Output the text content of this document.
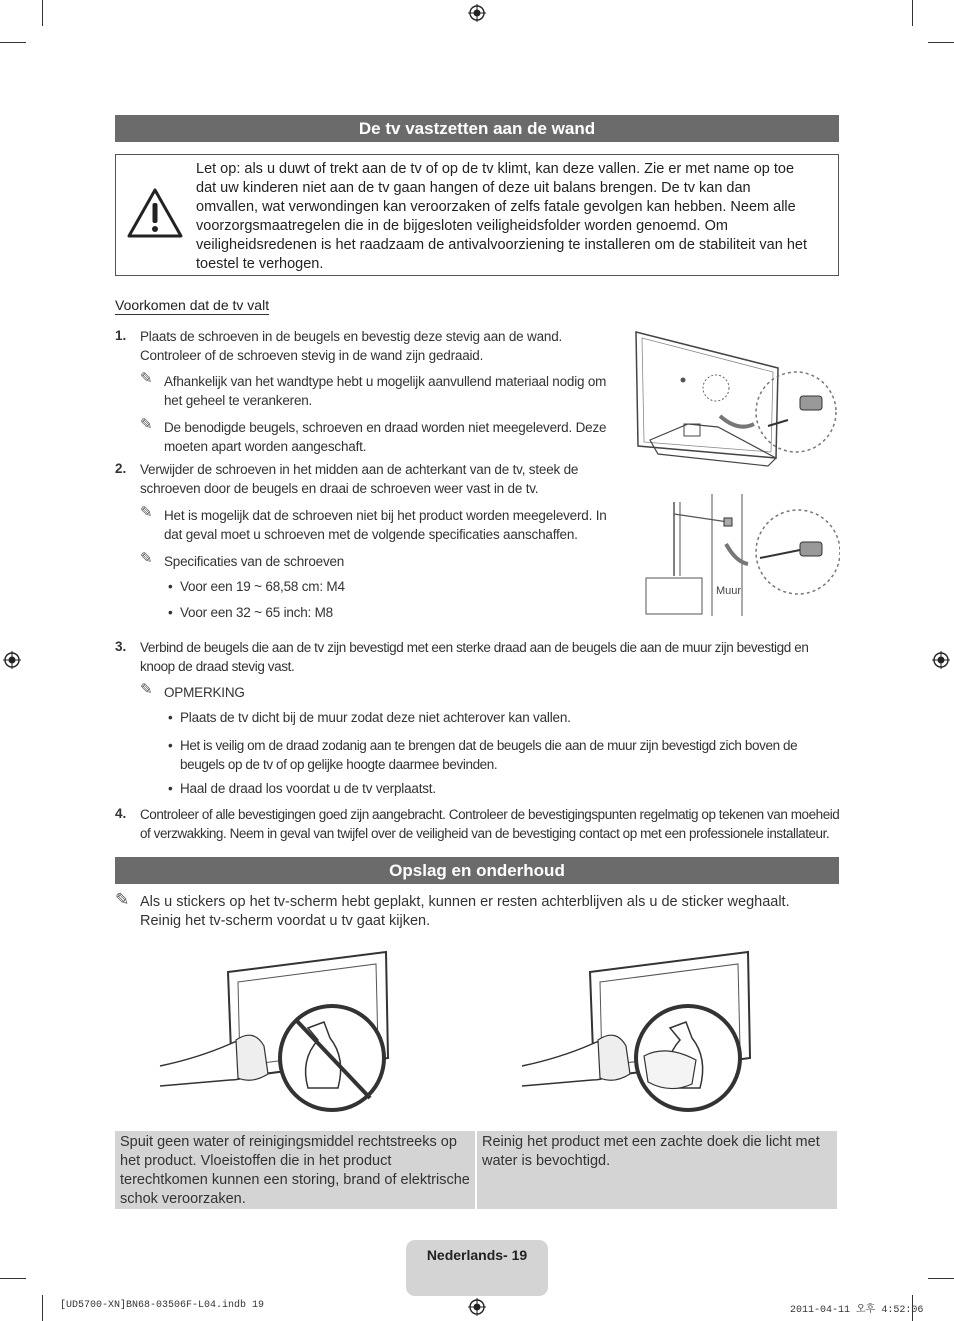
De tv vastzetten aan de wand
Let op: als u duwt of trekt aan de tv of op de tv klimt, kan deze vallen. Zie er met name op toe dat uw kinderen niet aan de tv gaan hangen of deze uit balans brengen. De tv kan dan omvallen, wat verwondingen kan veroorzaken of zelfs fatale gevolgen kan hebben. Neem alle voorzorgsmaatregelen die in de bijgesloten veiligheidsfolder worden genoemd. Om veiligheidsredenen is het raadzaam de antivalvoorziening te installeren om de stabiliteit van het toestel te verhogen.
Voorkomen dat de tv valt
1. Plaats de schroeven in de beugels en bevestig deze stevig aan de wand. Controleer of de schroeven stevig in de wand zijn gedraaid.
✎ Afhankelijk van het wandtype hebt u mogelijk aanvullend materiaal nodig om het geheel te verankeren.
✎ De benodigde beugels, schroeven en draad worden niet meegeleverd. Deze moeten apart worden aangeschaft.
2. Verwijder de schroeven in het midden aan de achterkant van de tv, steek de schroeven door de beugels en draai de schroeven weer vast in de tv.
✎ Het is mogelijk dat de schroeven niet bij het product worden meegeleverd. In dat geval moet u schroeven met de volgende specificaties aanschaffen.
✎ Specificaties van de schroeven
• Voor een 19 ~ 68,58 cm: M4
• Voor een 32 ~ 65 inch: M8
Muur
3. Verbind de beugels die aan de tv zijn bevestigd met een sterke draad aan de beugels die aan de muur zijn bevestigd en knoop de draad stevig vast.
✎ OPMERKING
• Plaats de tv dicht bij de muur zodat deze niet achterover kan vallen.
• Het is veilig om de draad zodanig aan te brengen dat de beugels die aan de muur zijn bevestigd zich boven de beugels op de tv of op gelijke hoogte daarmee bevinden.
• Haal de draad los voordat u de tv verplaatst.
4. Controleer of alle bevestigingen goed zijn aangebracht. Controleer de bevestigingspunten regelmatig op tekenen van moeheid of verzwakking. Neem in geval van twijfel over de veiligheid van de bevestiging contact op met een professionele installateur.
Opslag en onderhoud
✎ Als u stickers op het tv-scherm hebt geplakt, kunnen er resten achterblijven als u de sticker weghaalt. Reinig het tv-scherm voordat u tv gaat kijken.
Spuit geen water of reinigingsmiddel rechtstreeks op het product. Vloeistoffen die in het product terechtkomen kunnen een storing, brand of elektrische schok veroorzaken.
Reinig het product met een zachte doek die licht met water is bevochtigd.
Nederlands- 19
[UD5700-XN]BN68-03506F-L04.indb 19	2011-04-11 오후 4:52:06
